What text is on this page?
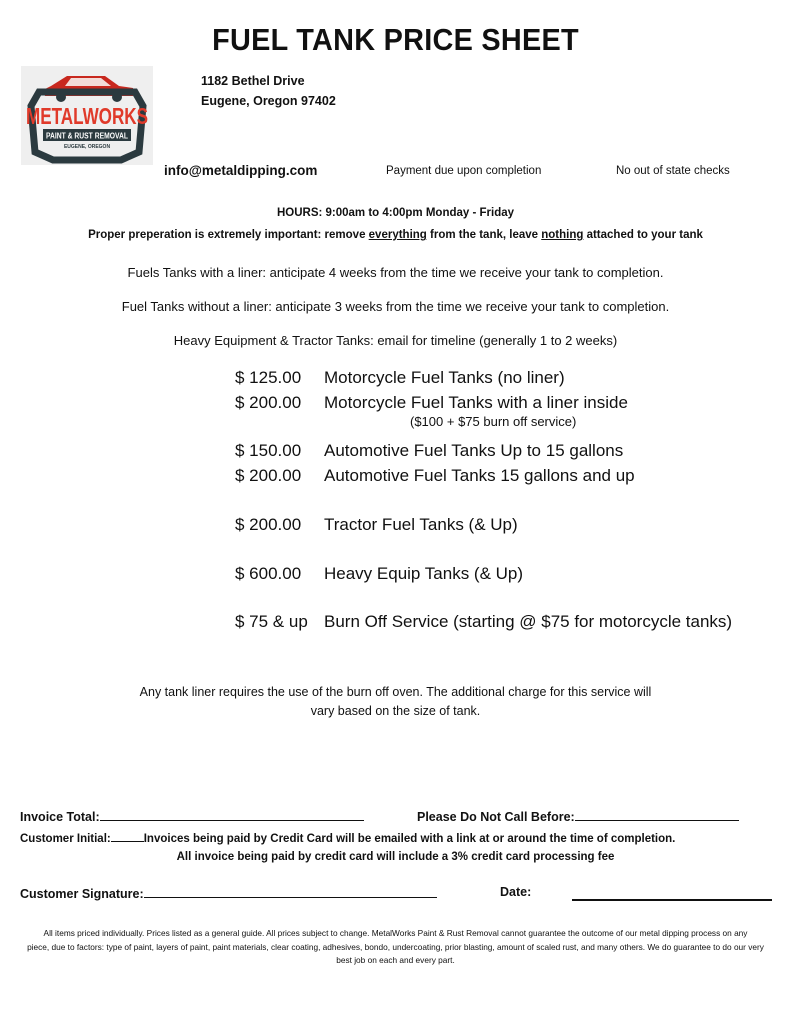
FUEL TANK PRICE SHEET
METALWORKS
PAINT & RUST REMOVAL
EUGENE, OREGON
1182 Bethel Drive
Eugene, Oregon 97402
info@metaldipping.com	Payment due upon completion	No out of state checks
HOURS: 9:00am to 4:00pm Monday - Friday
Proper preperation is extremely important: remove everything from the tank, leave nothing attached to your tank
Fuels Tanks with a liner: anticipate 4 weeks from the time we receive your tank to completion.
Fuel Tanks without a liner: anticipate 3 weeks from the time we receive your tank to completion.
Heavy Equipment & Tractor Tanks: email for timeline (generally 1 to 2 weeks)
$ 125.00 Motorcycle Fuel Tanks (no liner)
$ 200.00 Motorcycle Fuel Tanks with a liner inside
($100 + $75 burn off service)
$ 150.00 Automotive Fuel Tanks Up to 15 gallons
$ 200.00 Automotive Fuel Tanks 15 gallons and up
$ 200.00 Tractor Fuel Tanks (& Up)
$ 600.00 Heavy Equip Tanks (& Up)
$ 75 & up Burn Off Service (starting @ $75 for motorcycle tanks)
Any tank liner requires the use of the burn off oven. The additional charge for this service will
vary based on the size of tank.
Invoice Total:	Please Do Not Call Before:
Customer Initial:	Invoices being paid by Credit Card will be emailed with a link at or around the time of completion.
All invoice being paid by credit card will include a 3% credit card processing fee
Customer Signature:	Date:
All items priced individually. Prices listed as a general guide. All prices subject to change. MetalWorks Paint & Rust Removal cannot guarantee the outcome of our metal dipping process on any
piece, due to factors: type of paint, layers of paint, paint materials, clear coating, adhesives, bondo, undercoating, prior blasting, amount of scaled rust, and many others. We do guarantee to do our very
best job on each and every part.
